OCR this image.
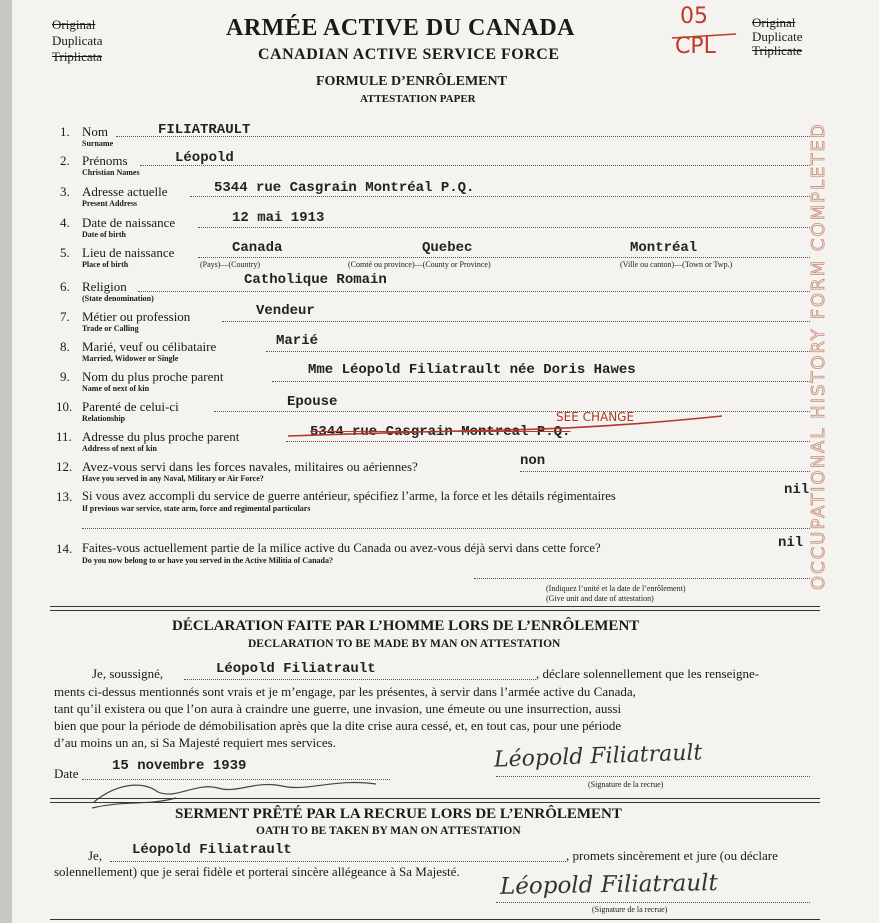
Original
Duplicata
Triplicata
ARMÉE ACTIVE DU CANADA
CANADIAN ACTIVE SERVICE FORCE
FORMULE D’ENRÔLEMENT
ATTESTATION PAPER
05
CPL
Original
Duplicate
Triplicate
OCCUPATIONAL HISTORY FORM COMPLETED
1. Nom
Surname
FILIATRAULT
2. Prénoms
Christian Names
Léopold
3. Adresse actuelle
Present Address
5344 rue Casgrain Montréal P.Q.
4. Date de naissance
Date of birth
12 mai 1913
5. Lieu de naissance
Place of birth
Canada	Quebec	Montréal
(Pays)—(Country)	(Comté ou province)—(County or Province)	(Ville ou canton)—(Town or Twp.)
6. Religion
(State denomination)
Catholique Romain
7. Métier ou profession
Trade or Calling
Vendeur
8. Marié, veuf ou célibataire
Married, Widower or Single
Marié
9. Nom du plus proche parent
Name of next of kin
Mme Léopold Filiatrault née Doris Hawes
10. Parenté de celui-ci
Relationship
Epouse
11. Adresse du plus proche parent
Address of next of kin
5344 rue Casgrain Montreal P.Q.
SEE CHANGE
12. Avez-vous servi dans les forces navales, militaires ou aériennes?
Have you served in any Naval, Military or Air Force?
non
13. Si vous avez accompli du service de guerre antérieur, spécifiez l’arme, la force et les détails régimentaires
If previous war service, state arm, force and regimental particulars
nil
14. Faites-vous actuellement partie de la milice active du Canada ou avez-vous déjà servi dans cette force?
Do you now belong to or have you served in the Active Militia of Canada?
nil
(Indiquez l’unité et la date de l’enrôlement)
(Give unit and date of attestation)
DÉCLARATION FAITE PAR L’HOMME LORS DE L’ENRÔLEMENT
DECLARATION TO BE MADE BY MAN ON ATTESTATION
Je, soussigné,	Léopold Filiatrault	, déclare solennellement que les renseigne-
ments ci-dessus mentionnés sont vrais et je m’engage, par les présentes, à servir dans l’armée active du Canada,
tant qu’il existera ou que l’on aura à craindre une guerre, une invasion, une émeute ou une insurrection, aussi
bien que pour la période de démobilisation après que la dite crise aura cessé, et, en tout cas, pour une période
d’au moins un an, si Sa Majesté requiert mes services.
Date 15 novembre 1939	Léopold Filiatrault
(Signature de la recrue)
SERMENT PRÊTÉ PAR LA RECRUE LORS DE L’ENRÔLEMENT
OATH TO BE TAKEN BY MAN ON ATTESTATION
Je, Léopold Filiatrault	, promets sincèrement et jure (ou déclare
solennellement) que je serai fidèle et porterai sincère allégeance à Sa Majesté. Léopold Filiatrault
(Signature de la recrue)
